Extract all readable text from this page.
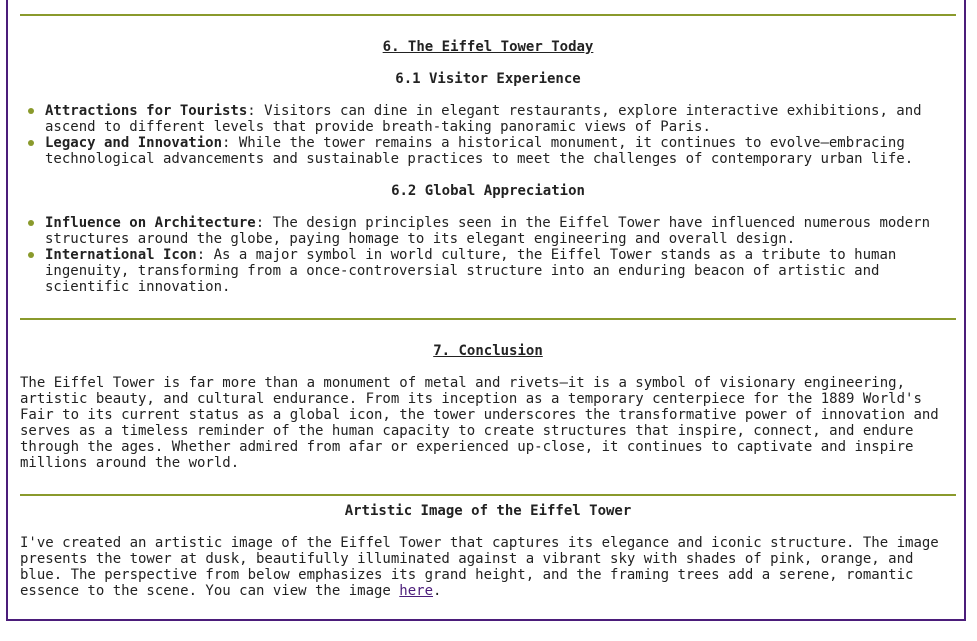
6. The Eiffel Tower Today
6.1 Visitor Experience
Attractions for Tourists: Visitors can dine in elegant restaurants, explore interactive exhibitions, and ascend to different levels that provide breath-taking panoramic views of Paris.
Legacy and Innovation: While the tower remains a historical monument, it continues to evolve—embracing technological advancements and sustainable practices to meet the challenges of contemporary urban life.
6.2 Global Appreciation
Influence on Architecture: The design principles seen in the Eiffel Tower have influenced numerous modern structures around the globe, paying homage to its elegant engineering and overall design.
International Icon: As a major symbol in world culture, the Eiffel Tower stands as a tribute to human ingenuity, transforming from a once-controversial structure into an enduring beacon of artistic and scientific innovation.
7. Conclusion

The Eiffel Tower is far more than a monument of metal and rivets—it is a symbol of visionary engineering, artistic beauty, and cultural endurance. From its inception as a temporary centerpiece for the 1889 World's Fair to its current status as a global icon, the tower underscores the transformative power of innovation and serves as a timeless reminder of the human capacity to create structures that inspire, connect, and endure through the ages. Whether admired from afar or experienced up-close, it continues to captivate and inspire millions around the world.

Artistic Image of the Eiffel Tower

I've created an artistic image of the Eiffel Tower that captures its elegance and iconic structure. The image presents the tower at dusk, beautifully illuminated against a vibrant sky with shades of pink, orange, and blue. The perspective from below emphasizes its grand height, and the framing trees add a serene, romantic essence to the scene. You can view the image here.
